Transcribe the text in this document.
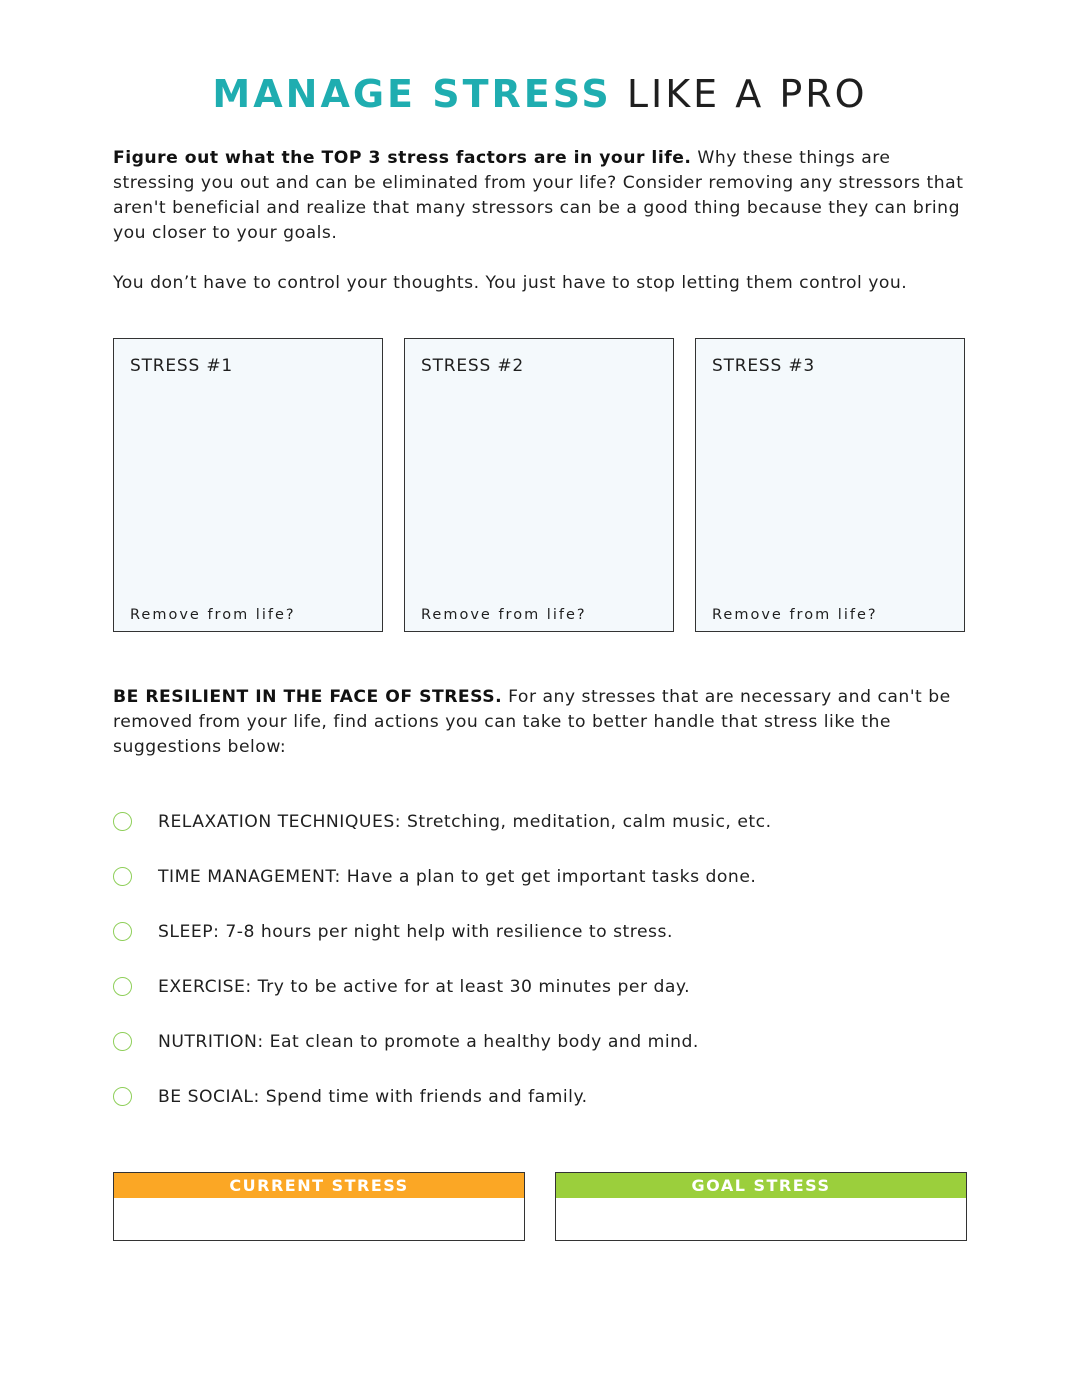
MANAGE STRESS LIKE A PRO

Figure out what the TOP 3 stress factors are in your life. Why these things are stressing you out and can be eliminated from your life? Consider removing any stressors that aren't beneficial and realize that many stressors can be a good thing because they can bring you closer to your goals.

You don’t have to control your thoughts. You just have to stop letting them control you.

STRESS #1
Remove from life?
STRESS #2
Remove from life?
STRESS #3
Remove from life?

BE RESILIENT IN THE FACE OF STRESS. For any stresses that are necessary and can't be removed from your life, find actions you can take to better handle that stress like the suggestions below:

RELAXATION TECHNIQUES: Stretching, meditation, calm music, etc.
TIME MANAGEMENT: Have a plan to get get important tasks done.
SLEEP: 7-8 hours per night help with resilience to stress.
EXERCISE: Try to be active for at least 30 minutes per day.
NUTRITION: Eat clean to promote a healthy body and mind.
BE SOCIAL: Spend time with friends and family.
CURRENT STRESS	GOAL STRESS
